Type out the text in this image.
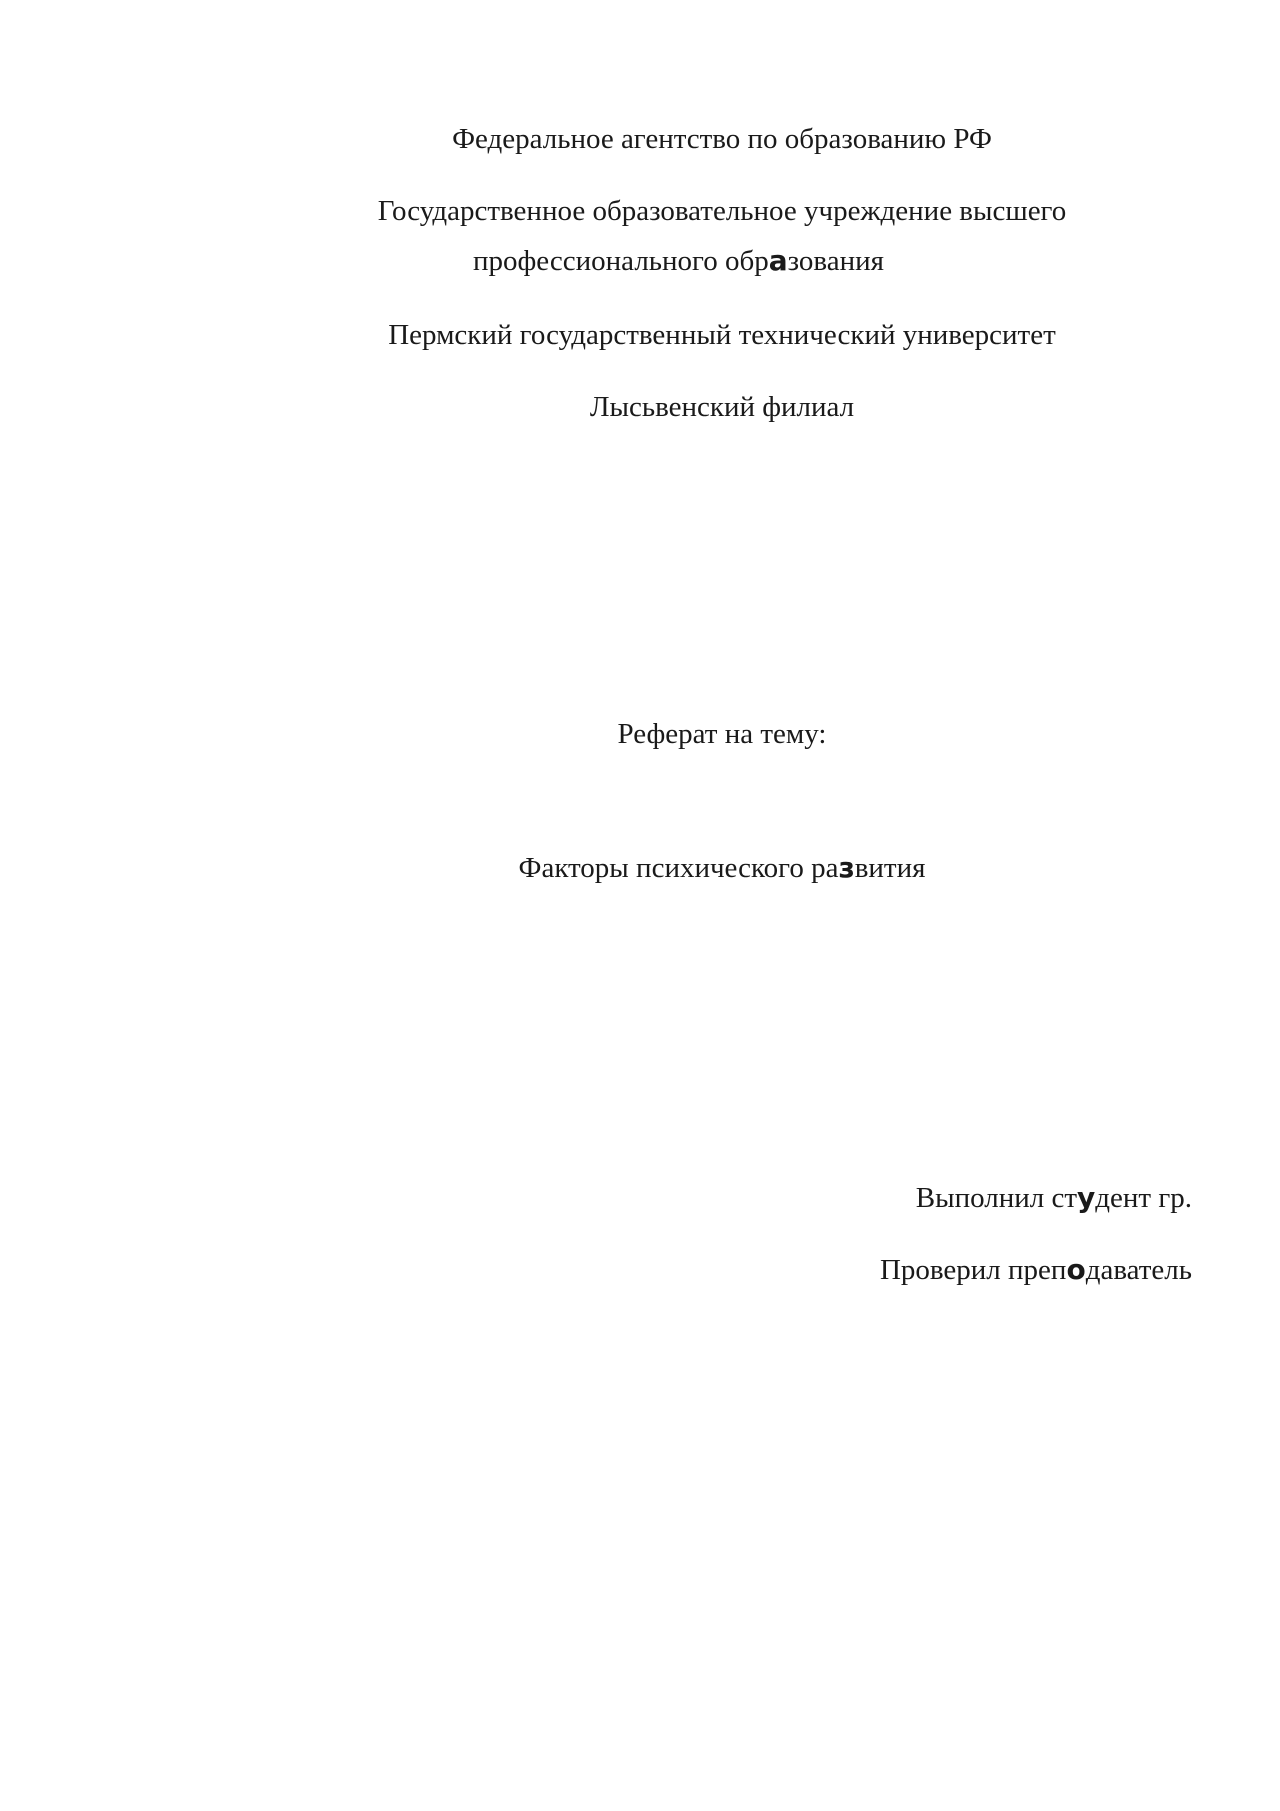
Федеральное агентство по образованию РФ
Государственное образовательное учреждение высшего
профессионального образования
Пермский государственный технический университет
Лысьвенский филиал
Реферат на тему:
Факторы психического развития
Выполнил студент гр.
Проверил преподаватель
